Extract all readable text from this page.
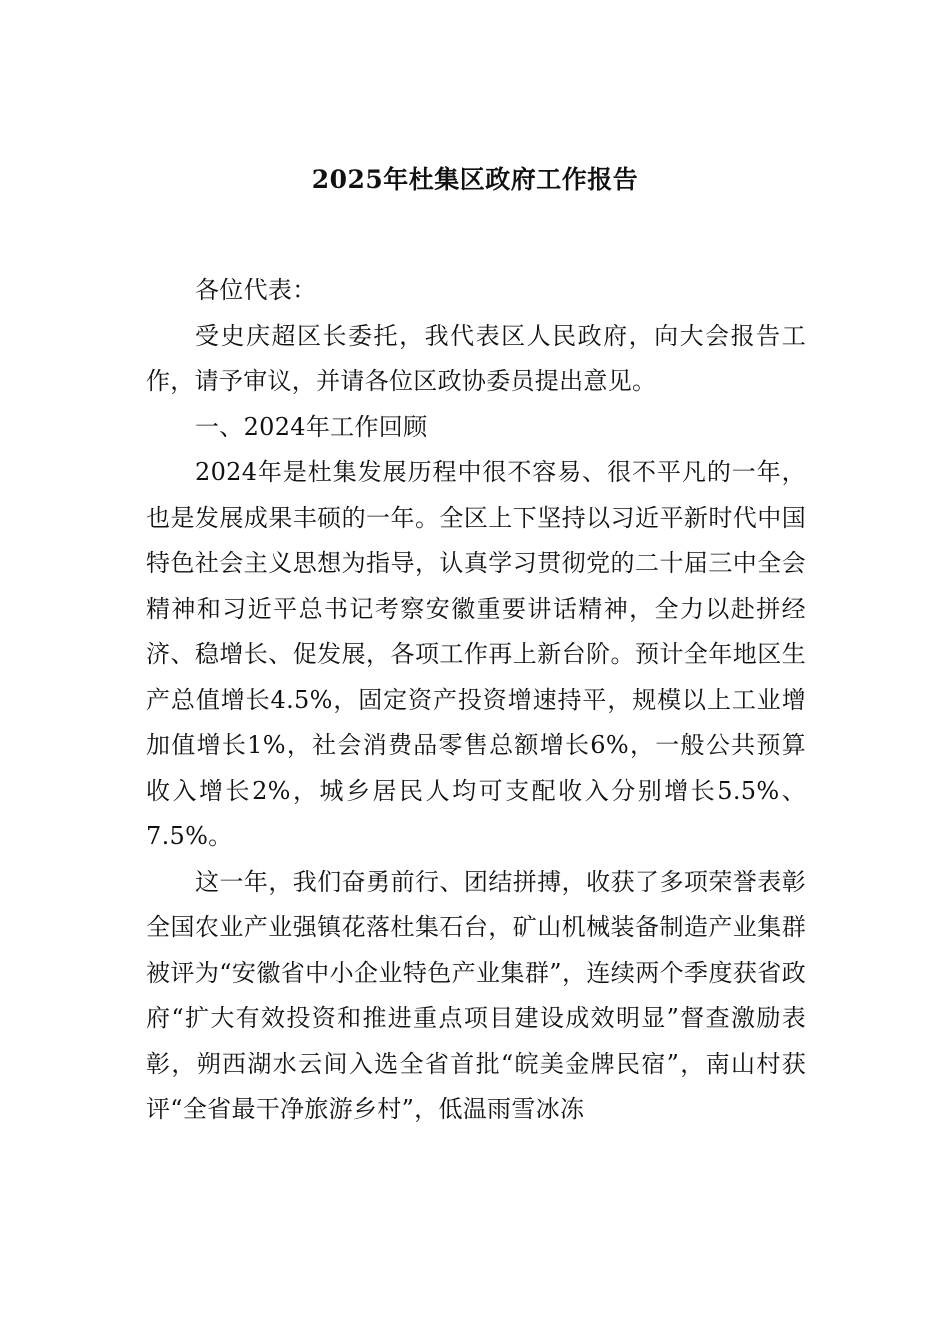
2025年杜集区政府工作报告

各位代表：

受史庆超区长委托，我代表区人民政府，向大会报告工作，请予审议，并请各位区政协委员提出意见。

一、2024年工作回顾

2024年是杜集发展历程中很不容易、很不平凡的一年，也是发展成果丰硕的一年。全区上下坚持以习近平新时代中国特色社会主义思想为指导，认真学习贯彻党的二十届三中全会精神和习近平总书记考察安徽重要讲话精神，全力以赴拼经济、稳增长、促发展，各项工作再上新台阶。预计全年地区生产总值增长4.5%，固定资产投资增速持平，规模以上工业增加值增长1%，社会消费品零售总额增长6%，一般公共预算收入增长2%，城乡居民人均可支配收入分别增长5.5%、7.5%。

这一年，我们奋勇前行、团结拼搏，收获了多项荣誉表彰全国农业产业强镇花落杜集石台，矿山机械装备制造产业集群被评为“安徽省中小企业特色产业集群”，连续两个季度获省政府“扩大有效投资和推进重点项目建设成效明显”督查激励表彰，朔西湖水云间入选全省首批“皖美金牌民宿”，南山村获评“全省最干净旅游乡村”，低温雨雪冰冻
